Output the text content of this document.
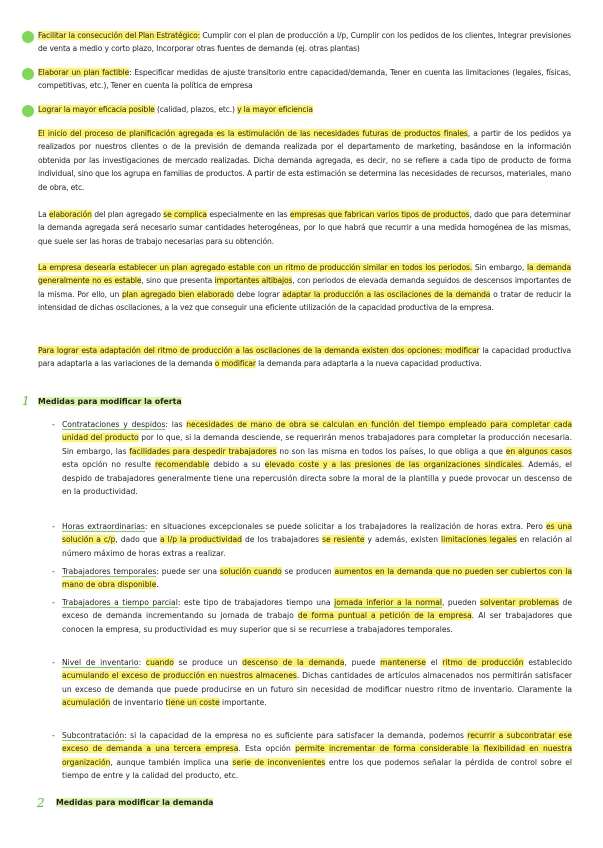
Facilitar la consecución del Plan Estratégico: Cumplir con el plan de producción a l/p, Cumplir con los pedidos de los clientes, Integrar previsiones de venta a medio y corto plazo, Incorporar otras fuentes de demanda (ej. otras plantas)
Elaborar un plan factible: Especificar medidas de ajuste transitorio entre capacidad/demanda, Tener en cuenta las limitaciones (legales, físicas, competitivas, etc.), Tener en cuenta la política de empresa
Lograr la mayor eficacia posible (calidad, plazos, etc.) y la mayor eficiencia
El inicio del proceso de planificación agregada es la estimulación de las necesidades futuras de productos finales, a partir de los pedidos ya realizados por nuestros clientes o de la previsión de demanda realizada por el departamento de marketing, basándose en la información obtenida por las investigaciones de mercado realizadas. Dicha demanda agregada, es decir, no se refiere a cada tipo de producto de forma individual, sino que los agrupa en familias de productos. A partir de esta estimación se determina las necesidades de recursos, materiales, mano de obra, etc.
La elaboración del plan agregado se complica especialmente en las empresas que fabrican varios tipos de productos, dado que para determinar la demanda agregada será necesario sumar cantidades heterogéneas, por lo que habrá que recurrir a una medida homogénea de las mismas, que suele ser las horas de trabajo necesarias para su obtención.
La empresa desearía establecer un plan agregado estable con un ritmo de producción similar en todos los periodos. Sin embargo, la demanda generalmente no es estable, sino que presenta importantes altibajos, con periodos de elevada demanda seguidos de descensos importantes de la misma. Por ello, un plan agregado bien elaborado debe lograr adaptar la producción a las oscilaciones de la demanda o tratar de reducir la intensidad de dichas oscilaciones, a la vez que conseguir una eficiente utilización de la capacidad productiva de la empresa.
Para lograr esta adaptación del ritmo de producción a las oscilaciones de la demanda existen dos opciones: modificar la capacidad productiva para adaptarla a las variaciones de la demanda o modificar la demanda para adaptarla a la nueva capacidad productiva.
1 Medidas para modificar la oferta
- Contrataciones y despidos: las necesidades de mano de obra se calculan en función del tiempo empleado para completar cada unidad del producto por lo que, si la demanda desciende, se requerirán menos trabajadores para completar la producción necesaria. Sin embargo, las facilidades para despedir trabajadores no son las misma en todos los países, lo que obliga a que en algunos casos esta opción no resulte recomendable debido a su elevado coste y a las presiones de las organizaciones sindicales. Además, el despido de trabajadores generalmente tiene una repercusión directa sobre la moral de la plantilla y puede provocar un descenso de en la productividad.
- Horas extraordinarias: en situaciones excepcionales se puede solicitar a los trabajadores la realización de horas extra. Pero es una solución a c/p, dado que a l/p la productividad de los trabajadores se resiente y además, existen limitaciones legales en relación al número máximo de horas extras a realizar.
- Trabajadores temporales: puede ser una solución cuando se producen aumentos en la demanda que no pueden ser cubiertos con la mano de obra disponible.
- Trabajadores a tiempo parcial: este tipo de trabajadores tiempo una jornada inferior a la normal, pueden solventar problemas de exceso de demanda incrementando su jornada de trabajo de forma puntual a petición de la empresa. Al ser trabajadores que conocen la empresa, su productividad es muy superior que si se recurriese a trabajadores temporales.
- Nivel de inventario: cuando se produce un descenso de la demanda, puede mantenerse el ritmo de producción establecido acumulando el exceso de producción en nuestros almacenes. Dichas cantidades de artículos almacenados nos permitirán satisfacer un exceso de demanda que puede producirse en un futuro sin necesidad de modificar nuestro ritmo de inventario. Claramente la acumulación de inventario tiene un coste importante.
- Subcontratación: si la capacidad de la empresa no es suficiente para satisfacer la demanda, podemos recurrir a subcontratar ese exceso de demanda a una tercera empresa. Esta opción permite incrementar de forma considerable la flexibilidad en nuestra organización, aunque también implica una serie de inconvenientes entre los que podemos señalar la pérdida de control sobre el tiempo de entre y la calidad del producto, etc.
2 Medidas para modificar la demanda
